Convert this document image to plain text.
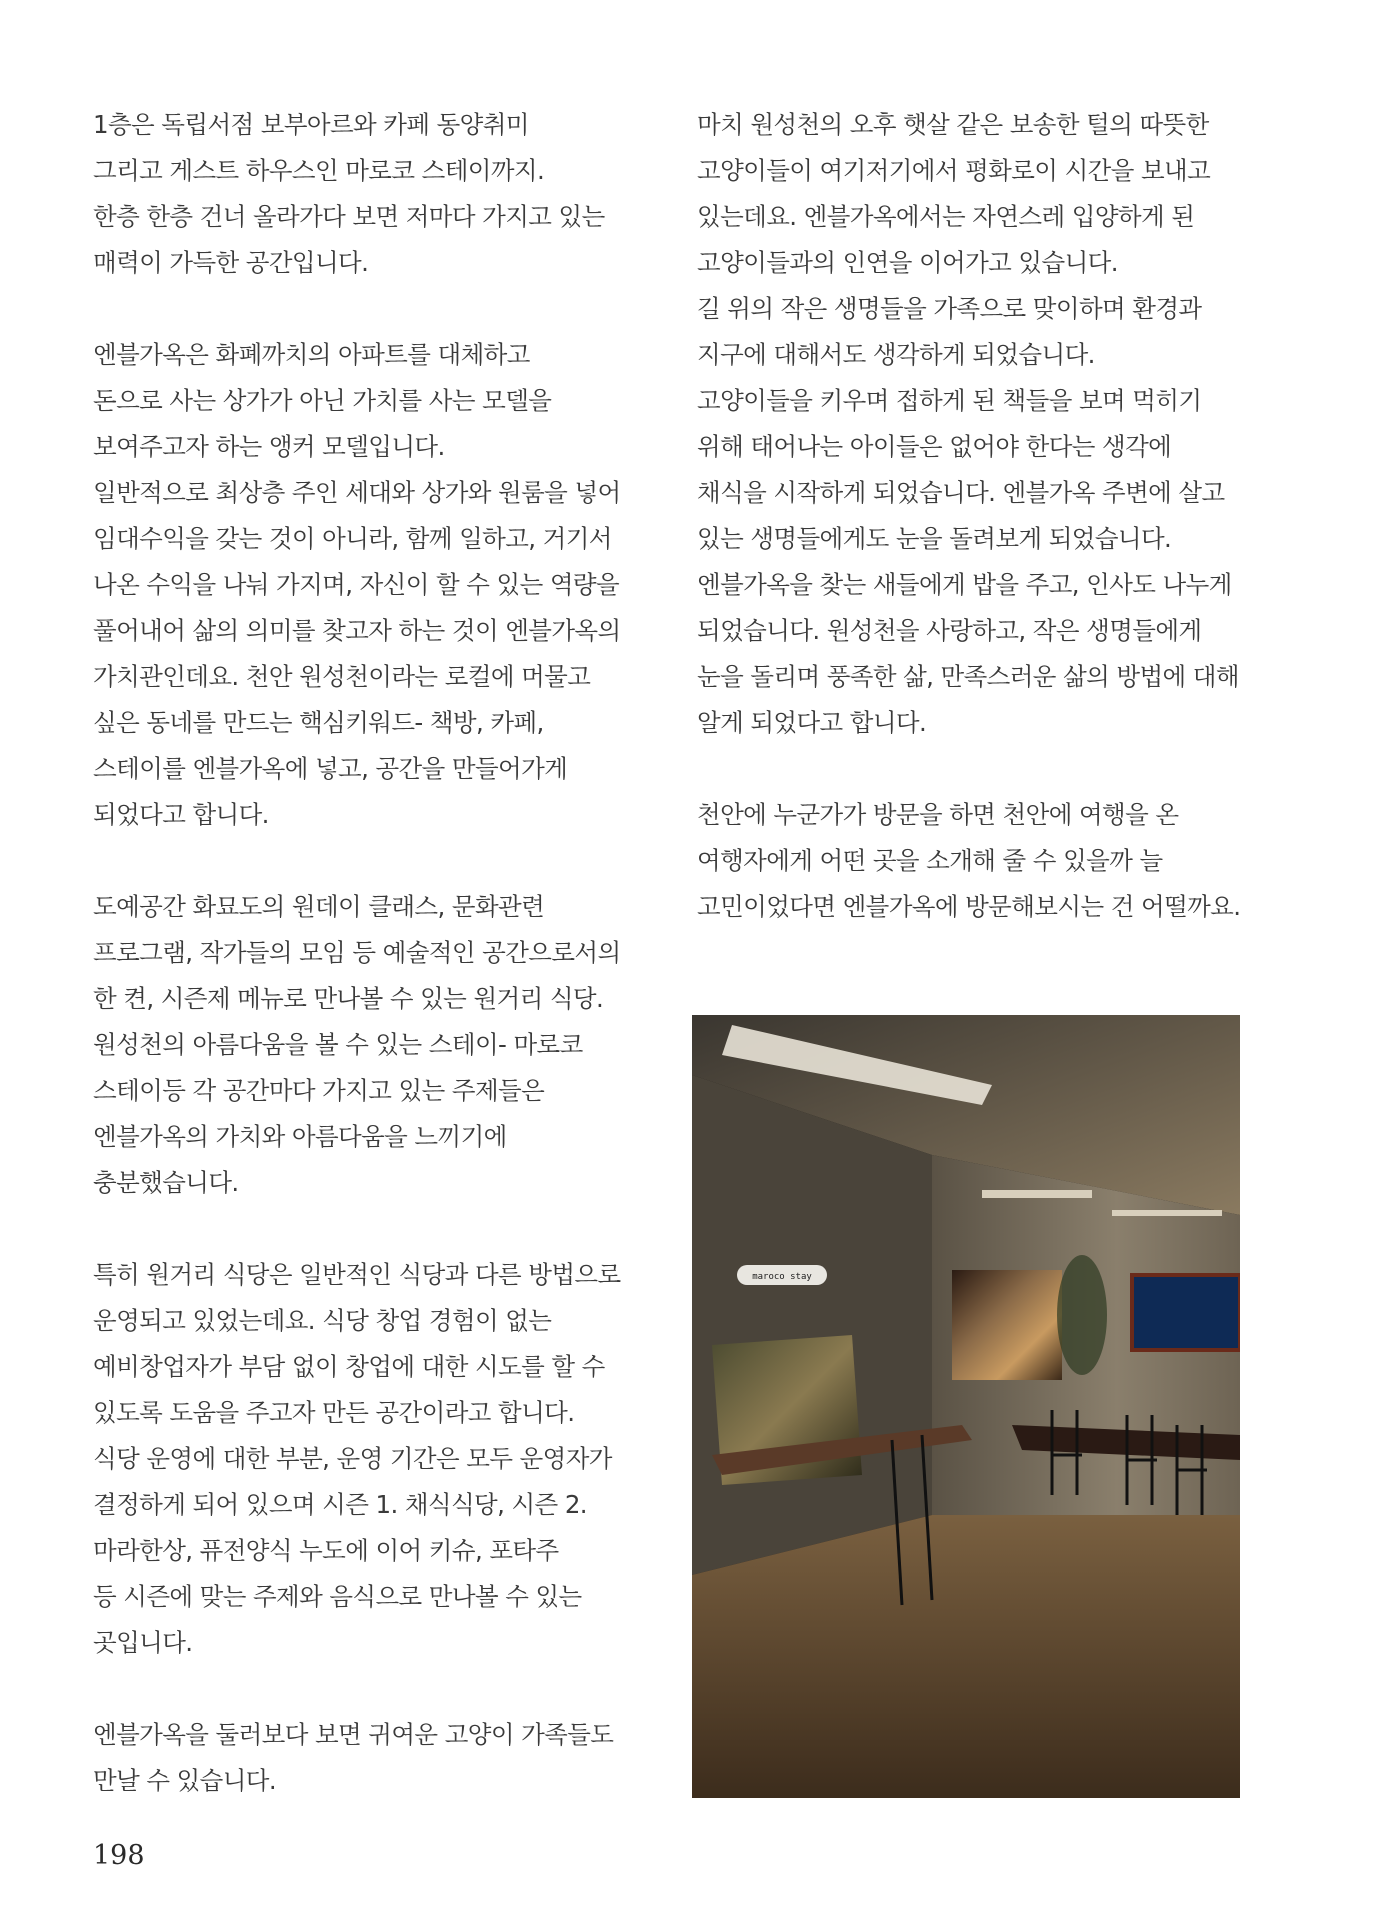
1층은 독립서점 보부아르와 카페 동양취미
그리고 게스트 하우스인 마로코 스테이까지.
한층 한층 건너 올라가다 보면 저마다 가지고 있는
매력이 가득한 공간입니다.
엔블가옥은 화폐까치의 아파트를 대체하고
돈으로 사는 상가가 아닌 가치를 사는 모델을
보여주고자 하는 앵커 모델입니다.
일반적으로 최상층 주인 세대와 상가와 원룸을 넣어
임대수익을 갖는 것이 아니라, 함께 일하고, 거기서
나온 수익을 나눠 가지며, 자신이 할 수 있는 역량을
풀어내어 삶의 의미를 찾고자 하는 것이 엔블가옥의
가치관인데요. 천안 원성천이라는 로컬에 머물고
싶은 동네를 만드는 핵심키워드- 책방, 카페,
스테이를 엔블가옥에 넣고, 공간을 만들어가게
되었다고 합니다.
도예공간 화묘도의 원데이 클래스, 문화관련
프로그램, 작가들의 모임 등 예술적인 공간으로서의
한 켠, 시즌제 메뉴로 만나볼 수 있는 원거리 식당.
원성천의 아름다움을 볼 수 있는 스테이- 마로코
스테이등 각 공간마다 가지고 있는 주제들은
엔블가옥의 가치와 아름다움을 느끼기에
충분했습니다.
특히 원거리 식당은 일반적인 식당과 다른 방법으로
운영되고 있었는데요. 식당 창업 경험이 없는
예비창업자가 부담 없이 창업에 대한 시도를 할 수
있도록 도움을 주고자 만든 공간이라고 합니다.
식당 운영에 대한 부분, 운영 기간은 모두 운영자가
결정하게 되어 있으며 시즌 1. 채식식당, 시즌 2.
마라한상, 퓨전양식 누도에 이어 키슈, 포타주
등 시즌에 맞는 주제와 음식으로 만나볼 수 있는
곳입니다.
엔블가옥을 둘러보다 보면 귀여운 고양이 가족들도
만날 수 있습니다.
마치 원성천의 오후 햇살 같은 보송한 털의 따뜻한
고양이들이 여기저기에서 평화로이 시간을 보내고
있는데요. 엔블가옥에서는 자연스레 입양하게 된
고양이들과의 인연을 이어가고 있습니다.
길 위의 작은 생명들을 가족으로 맞이하며 환경과
지구에 대해서도 생각하게 되었습니다.
고양이들을 키우며 접하게 된 책들을 보며 먹히기
위해 태어나는 아이들은 없어야 한다는 생각에
채식을 시작하게 되었습니다. 엔블가옥 주변에 살고
있는 생명들에게도 눈을 돌려보게 되었습니다.
엔블가옥을 찾는 새들에게 밥을 주고, 인사도 나누게
되었습니다. 원성천을 사랑하고, 작은 생명들에게
눈을 돌리며 풍족한 삶, 만족스러운 삶의 방법에 대해
알게 되었다고 합니다.
천안에 누군가가 방문을 하면 천안에 여행을 온
여행자에게 어떤 곳을 소개해 줄 수 있을까 늘
고민이었다면 엔블가옥에 방문해보시는 건 어떨까요.
maroco stay
198
